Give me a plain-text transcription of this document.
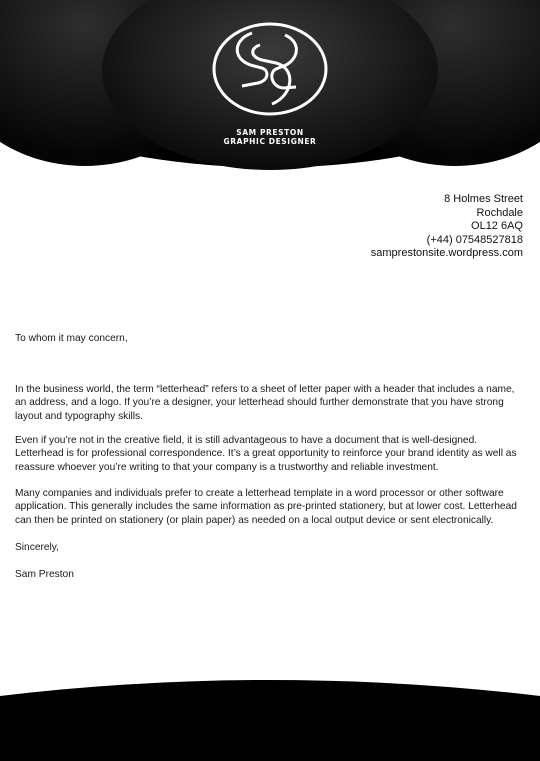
SAM PRESTON
GRAPHIC DESIGNER
8 Holmes Street
Rochdale
OL12 6AQ
(+44) 07548527818
samprestonsite.wordpress.com
To whom it may concern,

In the business world, the term “letterhead” refers to a sheet of letter paper with a header that includes a name, an address, and a logo. If you’re a designer, your letterhead should further demonstrate that you have strong layout and typography skills.

Even if you’re not in the creative field, it is still advantageous to have a document that is well-designed. Letterhead is for professional correspondence. It’s a great opportunity to reinforce your brand identity as well as reassure whoever you’re writing to that your company is a trustworthy and reliable investment.

Many companies and individuals prefer to create a letterhead template in a word processor or other software application. This generally includes the same information as pre-printed stationery, but at lower cost. Letterhead can then be printed on stationery (or plain paper) as needed on a local output device or sent electronically.

Sincerely,
Sam Preston
